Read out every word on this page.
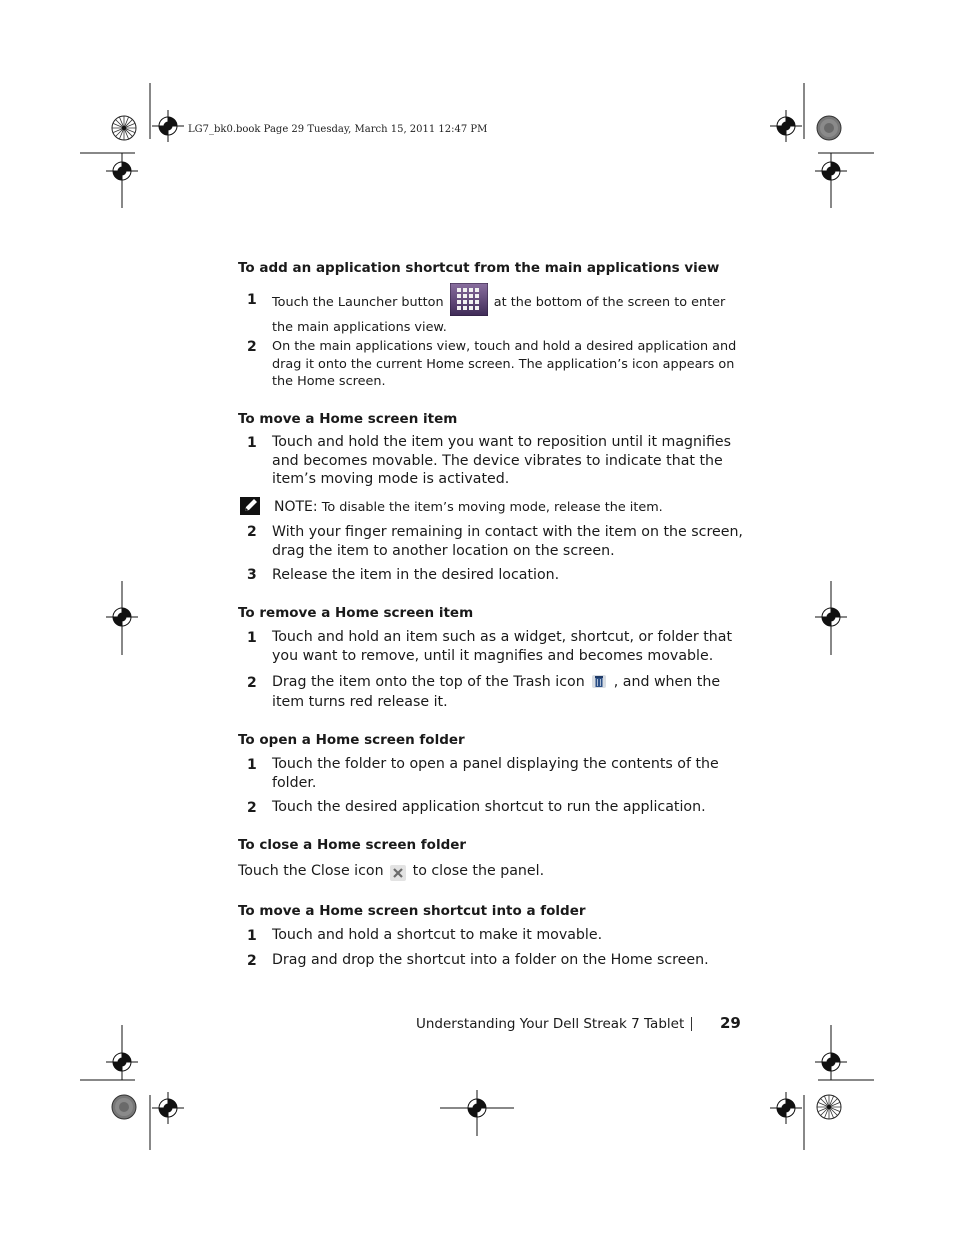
LG7_bk0.book Page 29 Tuesday, March 15, 2011 12:47 PM
To add an application shortcut from the main applications view
1 Touch the Launcher button	at the bottom of the screen to enter
the main applications view.
2 On the main applications view, touch and hold a desired application and
drag it onto the current Home screen. The application’s icon appears on
the Home screen.
To move a Home screen item
1 Touch and hold the item you want to reposition until it magnifies
and becomes movable. The device vibrates to indicate that the
item’s moving mode is activated.
NOTE: To disable the item’s moving mode, release the item.
2 With your finger remaining in contact with the item on the screen,
drag the item to another location on the screen.
3 Release the item in the desired location.
To remove a Home screen item
1 Touch and hold an item such as a widget, shortcut, or folder that
you want to remove, until it magnifies and becomes movable.
2 Drag the item onto the top of the Trash icon , and when the
item turns red release it.
To open a Home screen folder
1 Touch the folder to open a panel displaying the contents of the
folder.
2 Touch the desired application shortcut to run the application.
To close a Home screen folder
Touch the Close icon to close the panel.
To move a Home screen shortcut into a folder
1 Touch and hold a shortcut to make it movable.
2 Drag and drop the shortcut into a folder on the Home screen.
Understanding Your Dell Streak 7 Tablet 29
